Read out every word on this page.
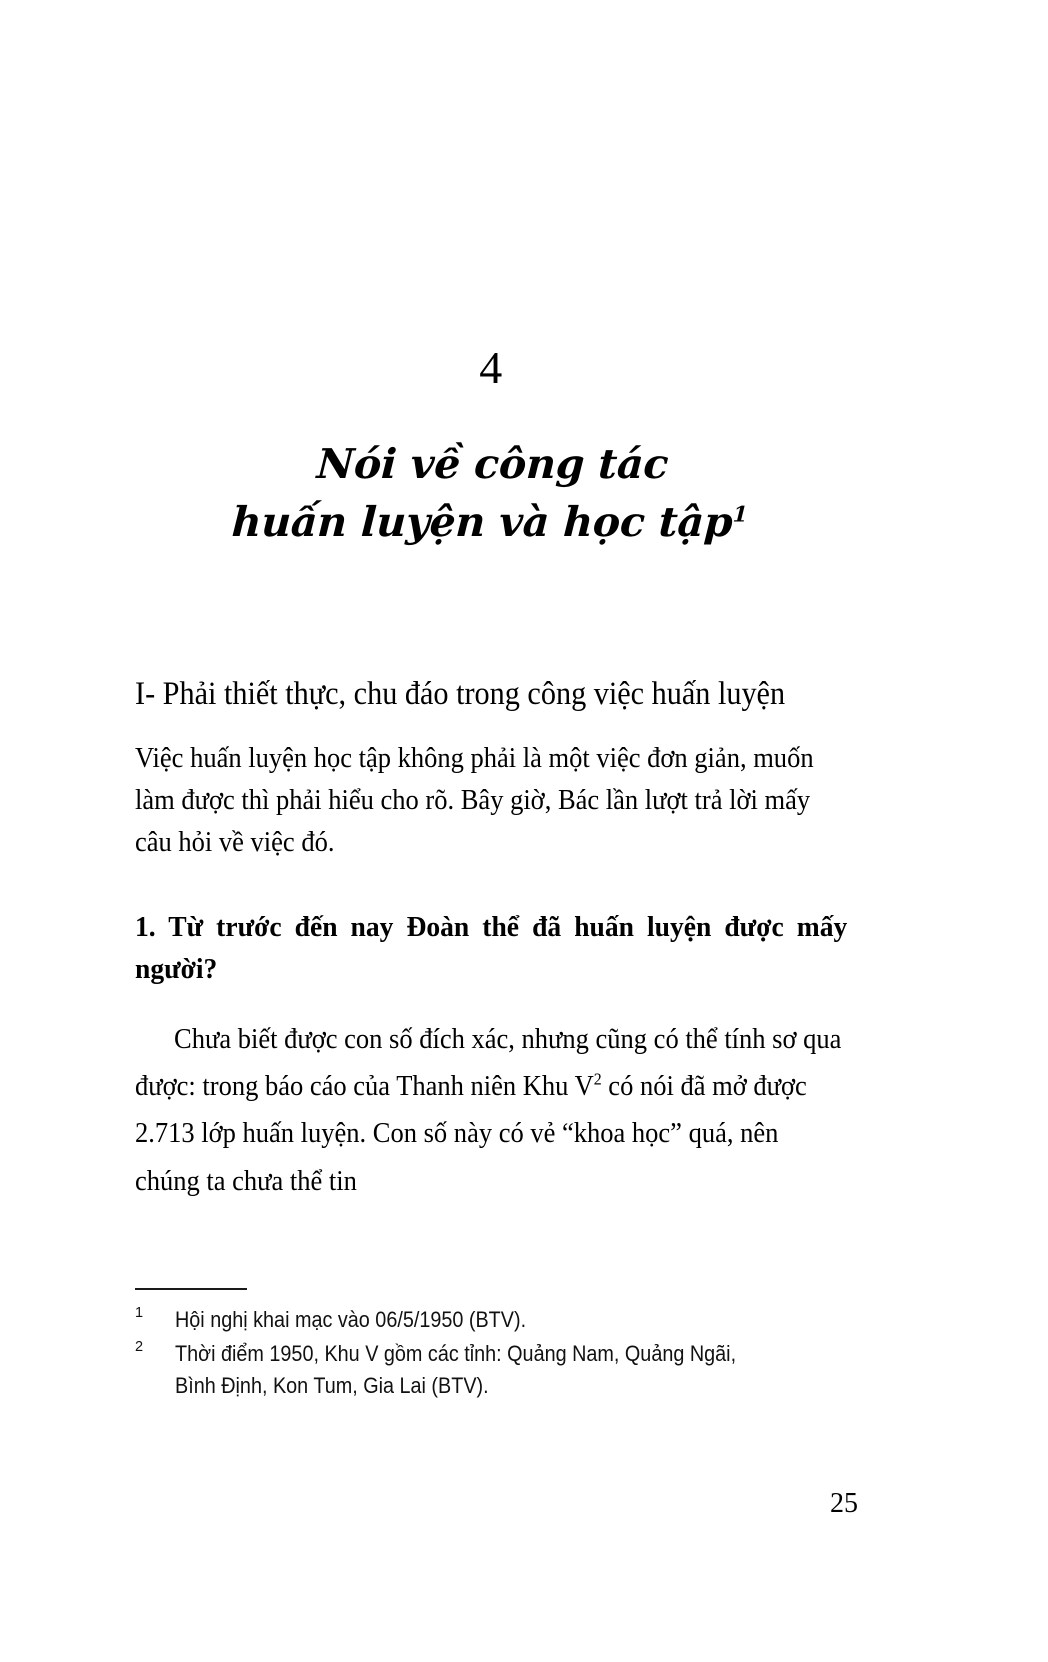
4
Nói về công tác
huấn luyện và học tập$^1$
I- Phải thiết thực, chu đáo trong công việc huấn luyện
Việc huấn luyện học tập không phải là một việc đơn giản, muốn làm được thì phải hiểu cho rõ. Bây giờ, Bác lần lượt trả lời mấy câu hỏi về việc đó.
1. Từ trước đến nay Đoàn thể đã huấn luyện được mấy người?
Chưa biết được con số đích xác, nhưng cũng có thể tính sơ qua được: trong báo cáo của Thanh niên Khu $V^2$ có nói đã mở được 2.713 lớp huấn luyện. Con số này có vẻ “khoa học” quá, nên chúng ta chưa thể tin
1	Hội nghị khai mạc vào 06/5/1950 (BTV).
2	Thời điểm 1950, Khu V gồm các tỉnh: Quảng Nam, Quảng Ngãi, Bình Định, Kon Tum, Gia Lai (BTV).
25
